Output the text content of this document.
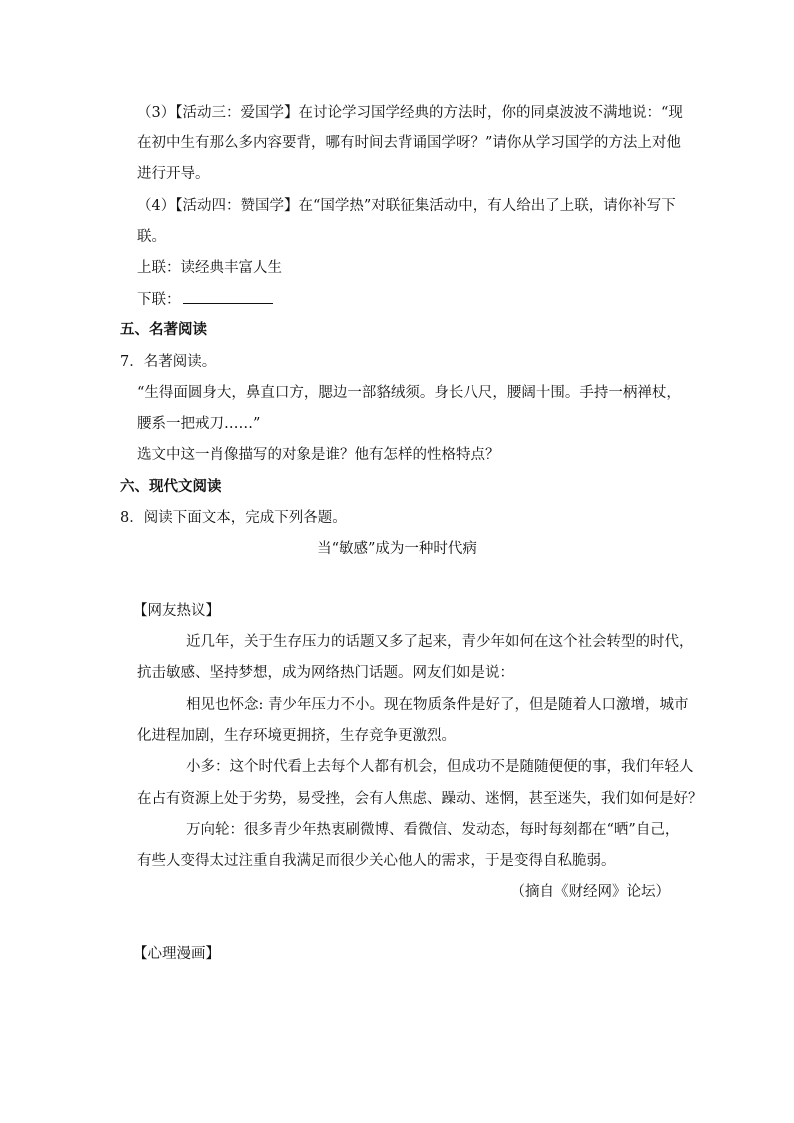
（3）【活动三：爱国学】在讨论学习国学经典的方法时，你的同桌波波不满地说：“现
在初中生有那么多内容要背，哪有时间去背诵国学呀？”请你从学习国学的方法上对他
进行开导。
（4）【活动四：赞国学】在“国学热”对联征集活动中，有人给出了上联，请你补写下
联。
上联：读经典丰富人生
下联：
五、名著阅读
7．名著阅读。
“生得面圆身大，鼻直口方，腮边一部貉绒须。身长八尺，腰阔十围。手持一柄禅杖，
腰系一把戒刀……”
选文中这一肖像描写的对象是谁？他有怎样的性格特点？
六、现代文阅读
8．阅读下面文本，完成下列各题。
当“敏感”成为一种时代病
【网友热议】
近几年，关于生存压力的话题又多了起来，青少年如何在这个社会转型的时代，
抗击敏感、坚持梦想，成为网络热门话题。网友们如是说：
相见也怀念: 青少年压力不小。现在物质条件是好了，但是随着人口激增，城市
化进程加剧，生存环境更拥挤，生存竞争更激烈。
小多：这个时代看上去每个人都有机会，但成功不是随随便便的事，我们年轻人
在占有资源上处于劣势，易受挫，会有人焦虑、躁动、迷惘，甚至迷失，我们如何是好？
万向轮：很多青少年热衷刷微博、看微信、发动态，每时每刻都在“晒”自己，
有些人变得太过注重自我满足而很少关心他人的需求，于是变得自私脆弱。
（摘自《财经网》论坛）
【心理漫画】
